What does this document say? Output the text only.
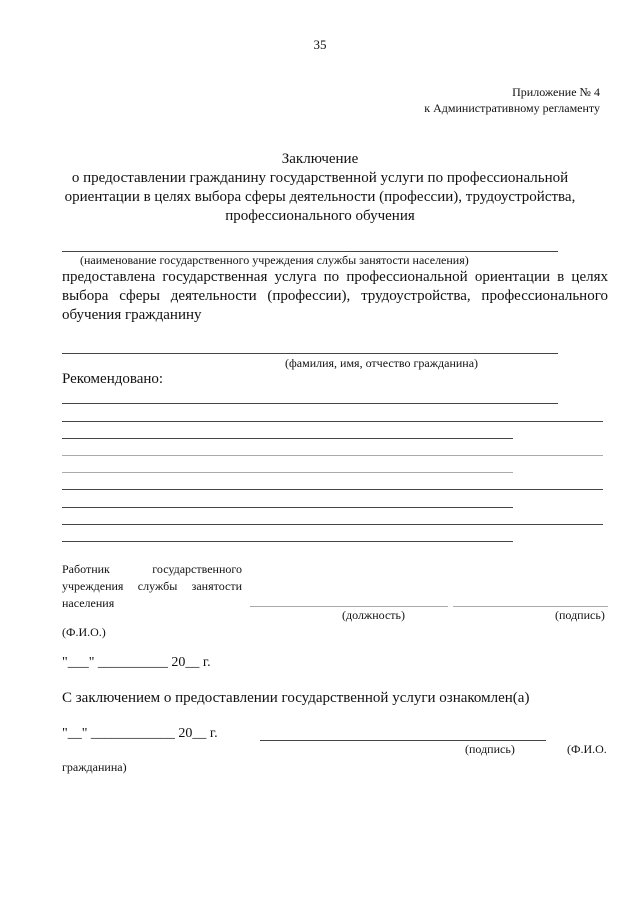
35
Приложение № 4
к Административному регламенту
Заключение
о предоставлении гражданину государственной услуги по профессиональной
ориентации в целях выбора сферы деятельности (профессии), трудоустройства,
профессионального обучения
(наименование государственного учреждения службы занятости населения)
предоставлена государственная услуга по профессиональной ориентации в целях
выбора сферы деятельности (профессии), трудоустройства, профессионального
обучения гражданину
(фамилия, имя, отчество гражданина)
Рекомендовано:
Работник государственного
учреждения службы занятости
населения
(должность)	(подпись)
(Ф.И.О.)
"___" __________ 20__ г.
С заключением о предоставлении государственной услуги ознакомлен(а)
"__" ____________ 20__ г.
(подпись)	(Ф.И.О.
гражданина)
